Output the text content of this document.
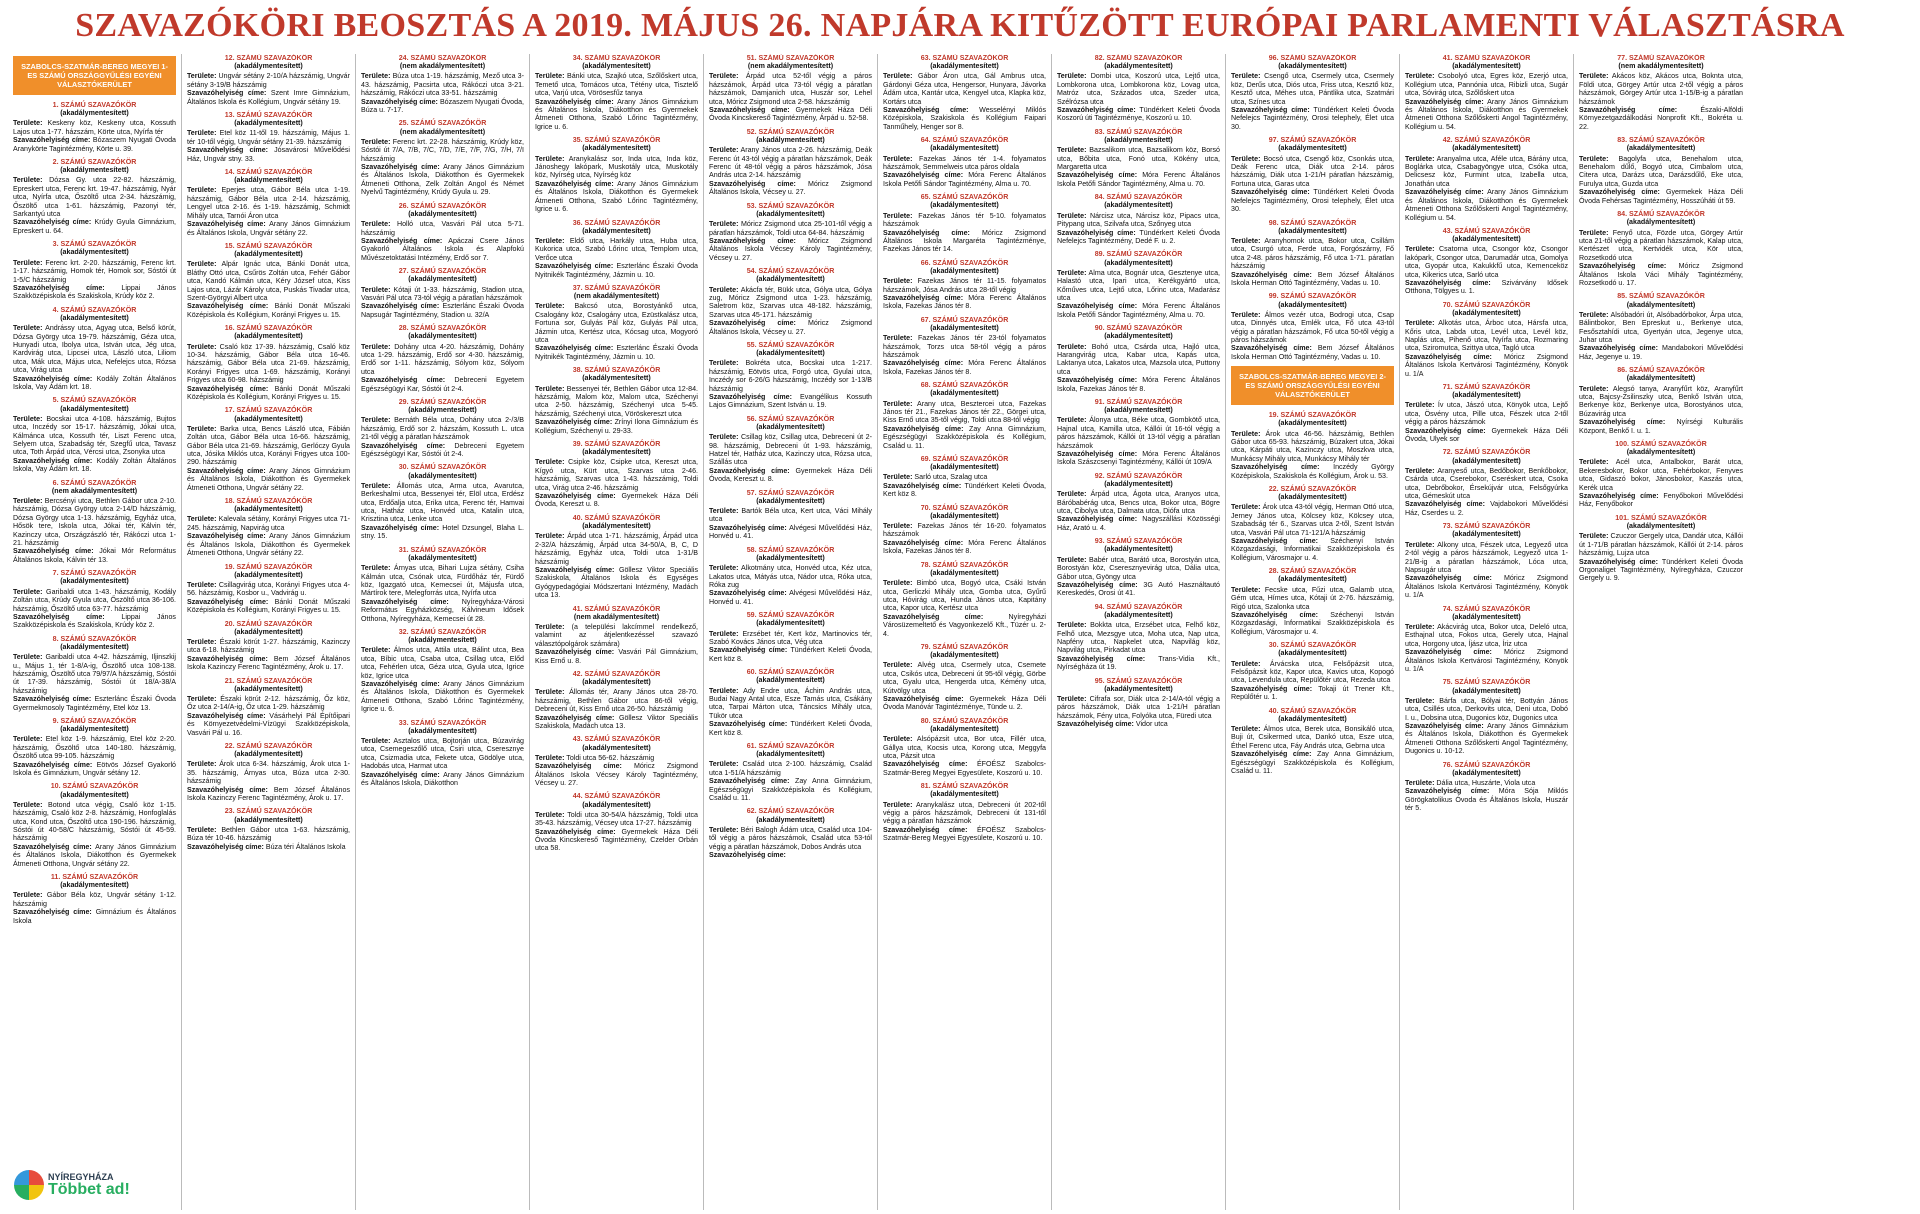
SZAVAZÓKÖRI BEOSZTÁS A 2019. MÁJUS 26. NAPJÁRA KITŰZÖTT EURÓPAI PARLAMENTI VÁLASZTÁSRA
SZABOLCS-SZATMÁR-BEREG MEGYEI 1-ES SZÁMÚ ORSZÁGGYŰLÉSI EGYÉNI VÁLASZTÓKERÜLET
1. SZÁMÚ SZAVAZÓKÖR
(akadálymentesített)
Területe: Keskeny köz, Keskeny utca, Kossuth Lajos utca 1-77. házszám, Körte utca, Nyírfa tér
Szavazóhelyiség címe: Bózaszem Nyugati Óvoda Aranykörte Tagintézmény, Körte u. 39.
2. SZÁMÚ SZAVAZÓKÖR
(akadálymentesített)
Területe: Dózsa Gy. utca 22-82. házszámig, Epreskert utca, Ferenc krt. 19-47. házszámig, Nyár utca, Nyírfa utca, Őszöltő utca 2-34. házszámig, Őszöltő utca 1-61. házszámig, Pazonyi tér, Sarkantyú utca
Szavazóhelyiség címe: Krúdy Gyula Gimnázium, Epreskert u. 64.
3. SZÁMÚ SZAVAZÓKÖR
(akadálymentesített)
Területe: Ferenc krt. 2-20. házszámig, Ferenc krt. 1-17. házszámig, Homok tér, Homok sor, Sóstói út 1-5/C házszámig
Szavazóhelyiség címe: Lippai János Szakközépiskola és Szakiskola, Krúdy köz 2.
4. SZÁMÚ SZAVAZÓKÖR
(akadálymentesített)
Területe: Andrássy utca, Agyag utca, Belső körút, Dózsa György utca 19-79. házszámig, Géza utca, Hunyadi utca, Ibolya utca, István utca, Jég utca, Kardvirág utca, Lipcsei utca, László utca, Liliom utca, Mák utca, Május utca, Nefelejcs utca, Rózsa utca, Virág utca
Szavazóhelyiség címe: Kodály Zoltán Általános Iskola, Vay Ádám krt. 18.
5. SZÁMÚ SZAVAZÓKÖR
(akadálymentesített)
Területe: Bocskai utca 4-108. házszámig, Bujtos utca, Inczédy sor 15-17. házszámig, Jókai utca, Kálmánca utca, Kossuth tér, Liszt Ferenc utca, Selyem utca, Szabadság tér, Szegfű utca, Tavasz utca, Toth Árpád utca, Vércsi utca, Zsonyka utca
Szavazóhelyiség címe: Kodály Zoltán Általános Iskola, Vay Ádám krt. 18.
6. SZÁMÚ SZAVAZÓKÖR
(nem akadálymentesített)
Területe: Bercsényi utca, Bethlen Gábor utca 2-10. házszámig, Dózsa György utca 2-14/D házszámig, Dózsa György utca 1-13. házszámig, Egyház utca, Hősök tere, Iskola utca, Jókai tér, Kálvin tér, Kazinczy utca, Országzászló tér, Rákóczi utca 1-21. házszámig
Szavazóhelyiség címe: Jókai Mór Református Általános Iskola, Kálvin tér 13.
7. SZÁMÚ SZAVAZÓKÖR
(akadálymentesített)
Területe: Garibaldi utca 1-43. házszámig, Kodály Zoltán utca, Krúdy Gyula utca, Őszöltő utca 36-106. házszámig, Őszöltő utca 63-77. házszámig
Szavazóhelyiség címe: Lippai János Szakközépiskola és Szakiskola, Krúdy köz 2.
8. SZÁMÚ SZAVAZÓKÖR
(akadálymentesített)
Területe: Garibaldi utca 4-42. házszámig, Iljinszkij u., Május 1. tér 1-8/A-ig, Őszöltő utca 108-138. házszámig, Őszöltő utca 79/97/A házszámig, Sóstói út 17-39. házszámig, Sóstói út 18/A-38/A házszámig
Szavazóhelyiség címe: Eszterlánc Északi Óvoda Gyermekmosoly Tagintézmény, Etel köz 13.
9. SZÁMÚ SZAVAZÓKÖR
(akadálymentesített)
Területe: Etel köz 1-9. házszámig, Etel köz 2-20. házszámig, Őszöltő utca 140-180. házszámig, Őszöltő utca 99-105. házszámig
Szavazóhelyiség címe: Eötvös József Gyakorló Iskola és Gimnázium, Ungvár sétány 12.
10. SZÁMÚ SZAVAZÓKÖR
(akadálymentesített)
Területe: Botond utca végig, Csaló köz 1-15. házszámig, Csaló köz 2-8. házszámig, Honfoglalás utca, Kond utca, Őszöltő utca 190-196. házszámig, Sóstói út 40-58/C házszámig, Sóstói út 45-59. házszámig
Szavazóhelyiség címe: Arany János Gimnázium és Általános Iskola, Diákotthon és Gyermekek Átmeneti Otthona, Ungvár sétány 22.
11. SZÁMÚ SZAVAZÓKÖR
(akadálymentesített)
Területe: Gábor Béla köz, Ungvár sétány 1-12. házszámig
Szavazóhelyiség címe: Gimnázium és Általános Iskola
12. SZÁMÚ SZAVAZÓKÖR
(akadálymentesített)
Területe: Ungvár sétány 2-10/A házszámig, Ungvár sétány 3-19/B házszámig
Szavazóhelyiség címe: Szent Imre Gimnázium, Általános Iskola és Kollégium, Ungvár sétány 19.
13. SZÁMÚ SZAVAZÓKÖR
(akadálymentesített)
Területe: Etel köz 11-től 19. házszámig, Május 1. tér 10-től végig, Ungvár sétány 21-39. házszámig
Szavazóhelyiség címe: Jósavárosi Művelődési Ház, Ungvár stny. 33.
14. SZÁMÚ SZAVAZÓKÖR
(akadálymentesített)
Területe: Eperjes utca, Gábor Béla utca 1-19. házszámig, Gábor Béla utca 2-14. házszámig, Lengyel utca 2-16. és 1-19. házszámig, Schmidt Mihály utca, Tarnói Áron utca
Szavazóhelyiség címe: Arany János Gimnázium és Általános Iskola, Ungvár sétány 22.
15. SZÁMÚ SZAVAZÓKÖR
(akadálymentesített)
Területe: Alpár Ignác utca, Bánki Donát utca, Bláthy Ottó utca, Csűrös Zoltán utca, Fehér Gábor utca, Kandó Kálmán utca, Kéry József utca, Kiss Lajos utca, Lázár Károly utca, Puskás Tivadar utca, Szent-Györgyi Albert utca
Szavazóhelyiség címe: Bánki Donát Műszaki Középiskola és Kollégium, Korányi Frigyes u. 15.
16. SZÁMÚ SZAVAZÓKÖR
(akadálymentesített)
Területe: Csaló köz 17-39. házszámig, Csaló köz 10-34. házszámig, Gábor Béla utca 16-46. házszámig, Gábor Béla utca 21-69. házszámig, Korányi Frigyes utca 1-69. házszámig, Korányi Frigyes utca 60-98. házszámig
Szavazóhelyiség címe: Bánki Donát Műszaki Középiskola és Kollégium, Korányi Frigyes u. 15.
17. SZÁMÚ SZAVAZÓKÖR
(akadálymentesített)
Területe: Barka utca, Bencs László utca, Fábián Zoltán utca, Gábor Béla utca 16-66. házszámig, Gábor Béla utca 21-69. házszámig, Gerlóczy Gyula utca, Jósika Miklós utca, Korányi Frigyes utca 100-290. házszámig
Szavazóhelyiség címe: Arany János Gimnázium és Általános Iskola, Diákotthon és Gyermekek Átmeneti Otthona, Ungvár sétány 22.
18. SZÁMÚ SZAVAZÓKÖR
(akadálymentesített)
Területe: Kalevala sétány, Korányi Frigyes utca 71-245. házszámig, Napvirág utca
Szavazóhelyiség címe: Arany János Gimnázium és Általános Iskola, Diákotthon és Gyermekek Átmeneti Otthona, Ungvár sétány 22.
19. SZÁMÚ SZAVAZÓKÖR
(akadálymentesített)
Területe: Csillagvirág utca, Korányi Frigyes utca 4-56. házszámig, Kosbor u., Vadvirág u.
Szavazóhelyiség címe: Bánki Donát Műszaki Középiskola és Kollégium, Korányi Frigyes u. 15.
20. SZÁMÚ SZAVAZÓKÖR
(akadálymentesített)
Területe: Északi körút 1-27. házszámig, Kazinczy utca 6-18. házszámig
Szavazóhelyiség címe: Bem József Általános Iskola Kazinczy Ferenc Tagintézmény, Árok u. 17.
21. SZÁMÚ SZAVAZÓKÖR
(akadálymentesített)
Területe: Északi körút 2-12. házszámig, Őz köz, Őz utca 2-14/A-ig, Őz utca 1-29. házszámig
Szavazóhelyiség címe: Vásárhelyi Pál Építőipari és Környezetvédelmi-Vízügyi Szakközépiskola, Vasvári Pál u. 16.
22. SZÁMÚ SZAVAZÓKÖR
(akadálymentesített)
Területe: Árok utca 6-34. házszámig, Árok utca 1-35. házszámig, Árnyas utca, Búza utca 2-30. házszámig
Szavazóhelyiség címe: Bem József Általános Iskola Kazinczy Ferenc Tagintézmény, Árok u. 17.
23. SZÁMÚ SZAVAZÓKÖR
(akadálymentesített)
Területe: Bethlen Gábor utca 1-63. házszámig, Búza tér 10-46. házszámig
Szavazóhelyiség címe: Búza téri Általános Iskola
24. SZÁMÚ SZAVAZÓKÖR
(nem akadálymentesített)
Területe: Búza utca 1-19. házszámig, Mező utca 3-43. házszámig, Pacsirta utca, Rákóczi utca 3-21. házszámig, Rákóczi utca 33-51. házszámig
Szavazóhelyiség címe: Bózaszem Nyugati Óvoda, Búza u. 7-17.
25. SZÁMÚ SZAVAZÓKÖR
(nem akadálymentesített)
Területe: Ferenc krt. 22-28. házszámig, Krúdy köz, Sóstói út 7/A, 7/B, 7/C, 7/D, 7/E, 7/F, 7/G, 7/H, 7/I házszámig
Szavazóhelyiség címe: Arany János Gimnázium és Általános Iskola, Diákotthon és Gyermekek Átmeneti Otthona, Zelk Zoltán Angol és Német Nyelvű Tagintézmény, Krúdy Gyula u. 29.
26. SZÁMÚ SZAVAZÓKÖR
(akadálymentesített)
Területe: Holló utca, Vasvári Pál utca 5-71. házszámig
Szavazóhelyiség címe: Apáczai Csere János Gyakorló Általános Iskola és Alapfokú Művészetoktatási Intézmény, Erdő sor 7.
27. SZÁMÚ SZAVAZÓKÖR
(akadálymentesített)
Területe: Kótaji út 1-33. házszámig, Stadion utca, Vasvári Pál utca 73-tól végig a páratlan házszámok
Szavazóhelyiség címe: Eszterlánc Északi Óvoda Napsugár Tagintézmény, Stadion u. 32/A
28. SZÁMÚ SZAVAZÓKÖR
(akadálymentesített)
Területe: Dohány utca 4-20. házszámig, Dohány utca 1-29. házszámig, Erdő sor 4-30. házszámig, Erdő sor 1-11. házszámig, Sólyom köz, Sólyom utca
Szavazóhelyiség címe: Debreceni Egyetem Egészségügyi Kar, Sóstói út 2-4.
29. SZÁMÚ SZAVAZÓKÖR
(akadálymentesített)
Területe: Bernáth Béla utca, Dohány utca 2-/3/B házszámig, Erdő sor 2. házszám, Kossuth L. utca 21-től végig a páratlan házszámok
Szavazóhelyiség címe: Debreceni Egyetem Egészségügyi Kar, Sóstói út 2-4.
30. SZÁMÚ SZAVAZÓKÖR
(akadálymentesített)
Területe: Állomás utca, Arma utca, Avarutca, Berkeshalmi utca, Bessenyei tér, Elöl utca, Erdész utca, Erdőalja utca, Erika utca, Ferenc tér, Hamvai utca, Hatház utca, Honvéd utca, Katalin utca, Krisztina utca, Lenke utca
Szavazóhelyiség címe: Hotel Dzsungel, Blaha L. stny. 15.
31. SZÁMÚ SZAVAZÓKÖR
(akadálymentesített)
Területe: Árnyas utca, Bihari Lujza sétány, Csiha Kálmán utca, Csónak utca, Fürdőház tér, Fürdő köz, Igazgató utca, Kemecsei út, Májusfa utca, Mártírok tere, Melegforrás utca, Nyírfa utca
Szavazóhelyiség címe: Nyíregyháza-Városi Református Egyházközség, Kálvineum Idősek Otthona, Nyíregyháza, Kemecsei út 28.
32. SZÁMÚ SZAVAZÓKÖR
(akadálymentesített)
Területe: Álmos utca, Attila utca, Bálint utca, Bea utca, Bíbic utca, Csaba utca, Csillag utca, Előd utca, Fehérlen utca, Géza utca, Gyula utca, Igrice köz, Igrice utca
Szavazóhelyiség címe: Arany János Gimnázium és Általános Iskola, Diákotthon és Gyermekek Átmeneti Otthona, Szabó Lőrinc Tagintézmény, Igrice u. 6.
33. SZÁMÚ SZAVAZÓKÖR
(akadálymentesített)
Területe: Asztalos utca, Bojtorján utca, Búzavirág utca, Csemegeszőlő utca, Csiri utca, Cseresznye utca, Csizmadia utca, Fekete utca, Gödölye utca, Hadobás utca, Harmat utca
Szavazóhelyiség címe: Arany János Gimnázium és Általános Iskola, Diákotthon
34. SZÁMÚ SZAVAZÓKÖR
(akadálymentesített)
Területe: Bánki utca, Szajkó utca, Szőlőskert utca, Temető utca, Tornácos utca, Tétény utca, Tisztelő utca, Varjú utca, Vörösesfűz tanya
Szavazóhelyiség címe: Arany János Gimnázium és Általános Iskola, Diákotthon és Gyermekek Átmeneti Otthona, Szabó Lőrinc Tagintézmény, Igrice u. 6.
35. SZÁMÚ SZAVAZÓKÖR
(akadálymentesített)
Területe: Aranykalász sor, Inda utca, Inda köz, Jánoshegy lakópark, Muskotály utca, Muskotály köz, Nyírség utca, Nyírség köz
Szavazóhelyiség címe: Arany János Gimnázium és Általános Iskola, Diákotthon és Gyermekek Átmeneti Otthona, Szabó Lőrinc Tagintézmény, Igrice u. 6.
36. SZÁMÚ SZAVAZÓKÖR
(akadálymentesített)
Területe: Eldő utca, Harkály utca, Huba utca, Kukorica utca, Szabó Lőrinc utca, Templom utca, Verőce utca
Szavazóhelyiség címe: Eszterlánc Északi Óvoda Nyitnikék Tagintézmény, Jázmin u. 10.
37. SZÁMÚ SZAVAZÓKÖR
(nem akadálymentesített)
Területe: Bakcsó utca, Borostyánkő utca, Csalogány köz, Csalogány utca, Ezüstkalász utca, Fortuna sor, Gulyás Pál köz, Gulyás Pál utca, Jázmin utca, Kertész utca, Kócsag utca, Mogyoró utca
Szavazóhelyiség címe: Eszterlánc Északi Óvoda Nyitnikék Tagintézmény, Jázmin u. 10.
38. SZÁMÚ SZAVAZÓKÖR
(akadálymentesített)
Területe: Bessenyei tér, Bethlen Gábor utca 12-84. házszámig, Malom köz, Malom utca, Széchenyi utca 2-50. házszámig, Széchenyi utca 5-45. házszámig, Széchenyi utca, Vöröskereszt utca
Szavazóhelyiség címe: Zrínyi Ilona Gimnázium és Kollégium, Széchenyi u. 29-33.
39. SZÁMÚ SZAVAZÓKÖR
(akadálymentesített)
Területe: Csipke köz, Csipke utca, Kereszt utca, Kígyó utca, Kürt utca, Szarvas utca 2-46. házszámig, Szarvas utca 1-43. házszámig, Toldi utca, Virág utca 2-46. házszámig
Szavazóhelyiség címe: Gyermekek Háza Déli Óvoda, Kereszt u. 8.
40. SZÁMÚ SZAVAZÓKÖR
(akadálymentesített)
Területe: Árpád utca 1-71. házszámig, Árpád utca 2-32/A házszámig, Árpád utca 34-50/A, B, C, D házszámig, Egyház utca, Toldi utca 1-31/B házszámig
Szavazóhelyiség címe: Göllesz Viktor Speciális Szakiskola, Általános Iskola és Egységes Gyógypedagógiai Módszertani Intézmény, Madách utca 13.
41. SZÁMÚ SZAVAZÓKÖR
(nem akadálymentesített)
Területe: (a települési lakcímmel rendelkező, valamint az átjelentkezéssel szavazó választópolgárok számára)
Szavazóhelyiség címe: Vasvári Pál Gimnázium, Kiss Ernő u. 8.
42. SZÁMÚ SZAVAZÓKÖR
(akadálymentesített)
Területe: Állomás tér, Arany János utca 28-70. házszámig, Bethlen Gábor utca 86-től végig, Debreceni út, Kiss Ernő utca 26-50. házszámig
Szavazóhelyiség címe: Göllesz Viktor Speciális Szakiskola, Madách utca 13.
43. SZÁMÚ SZAVAZÓKÖR
(akadálymentesített)
Területe: Toldi utca 56-62. házszámig
Szavazóhelyiség címe: Móricz Zsigmond Általános Iskola Vécsey Károly Tagintézmény, Vécsey u. 27.
44. SZÁMÚ SZAVAZÓKÖR
(akadálymentesített)
Területe: Toldi utca 30-54/A házszámig, Toldi utca 35-43. házszámig, Vécsey utca 17-27. házszámig
Szavazóhelyiség címe: Gyermekek Háza Déli Óvoda Kincskereső Tagintézmény, Czelder Orbán utca 58.
51. SZÁMÚ SZAVAZÓKÖR
(nem akadálymentesített)
Területe: Árpád utca 52-től végig a páros házszámok, Árpád utca 73-tól végig a páratlan házszámok, Damjanich utca, Huszár sor, Lehel utca, Móricz Zsigmond utca 2-58. házszámig
Szavazóhelyiség címe: Gyermekek Háza Déli Óvoda Kincskereső Tagintézmény, Árpád u. 52-58.
52. SZÁMÚ SZAVAZÓKÖR
(akadálymentesített)
Területe: Arany János utca 2-26. házszámig, Deák Ferenc út 43-tól végig a páratlan házszámok, Deák Ferenc út 48-tól végig a páros házszámok, Jósa András utca 2-14. házszámig
Szavazóhelyiség címe: Móricz Zsigmond Általános Iskola, Vécsey u. 27.
53. SZÁMÚ SZAVAZÓKÖR
(akadálymentesített)
Területe: Móricz Zsigmond utca 25-101-től végig a páratlan házszámok, Toldi utca 64-84. házszámig
Szavazóhelyiség címe: Móricz Zsigmond Általános Iskola Vécsey Károly Tagintézmény, Vécsey u. 27.
54. SZÁMÚ SZAVAZÓKÖR
(akadálymentesített)
Területe: Akácfa tér, Bükk utca, Gólya utca, Gólya zug, Móricz Zsigmond utca 1-23. házszámig, Saletrom köz, Szarvas utca 48-182. házszámig, Szarvas utca 45-171. házszámig
Szavazóhelyiség címe: Móricz Zsigmond Általános Iskola, Vécsey u. 27.
55. SZÁMÚ SZAVAZÓKÖR
(akadálymentesített)
Területe: Bokréta utca, Bocskai utca 1-217. házszámig, Eötvös utca, Forgó utca, Gyulai utca, Inczédy sor 6-26/G házszámig, Inczédy sor 1-13/B házszámig
Szavazóhelyiség címe: Evangélikus Kossuth Lajos Gimnázium, Szent István u. 19.
56. SZÁMÚ SZAVAZÓKÖR
(akadálymentesített)
Területe: Csillag köz, Csillag utca, Debreceni út 2-98. házszámig, Debreceni út 1-93. házszámig, Hatzel tér, Hatház utca, Kazinczy utca, Rózsa utca, Szállás utca
Szavazóhelyiség címe: Gyermekek Háza Déli Óvoda, Kereszt u. 8.
57. SZÁMÚ SZAVAZÓKÖR
(akadálymentesített)
Területe: Bartók Béla utca, Kert utca, Váci Mihály utca
Szavazóhelyiség címe: Alvégesi Művelődési Ház, Honvéd u. 41.
58. SZÁMÚ SZAVAZÓKÖR
(akadálymentesített)
Területe: Alkotmány utca, Honvéd utca, Kéz utca, Lakatos utca, Mátyás utca, Nádor utca, Róka utca, Róka zug
Szavazóhelyiség címe: Alvégesi Művelődési Ház, Honvéd u. 41.
59. SZÁMÚ SZAVAZÓKÖR
(akadálymentesített)
Területe: Erzsébet tér, Kert köz, Martinovics tér, Szabó Kovács János utca, Vég utca
Szavazóhelyiség címe: Tündérkert Keleti Óvoda, Kert köz 8.
60. SZÁMÚ SZAVAZÓKÖR
(akadálymentesített)
Területe: Ady Endre utca, Áchim András utca, Budai Nagy Antal utca, Esze Tamás utca, Csákány utca, Tarpai Márton utca, Táncsics Mihály utca, Tükör utca
Szavazóhelyiség címe: Tündérkert Keleti Óvoda, Kert köz 8.
61. SZÁMÚ SZAVAZÓKÖR
(akadálymentesített)
Területe: Család utca 2-100. házszámig, Család utca 1-51/A házszámig
Szavazóhelyiség címe: Zay Anna Gimnázium, Egészségügyi Szakközépiskola és Kollégium, Család u. 11.
62. SZÁMÚ SZAVAZÓKÖR
(akadálymentesített)
Területe: Béri Balogh Ádám utca, Család utca 104-től végig a páros házszámok, Család utca 53-tól végig a páratlan házszámok, Dobos András utca
Szavazóhelyiség címe:
63. SZÁMÚ SZAVAZÓKÖR
(akadálymentesített)
Területe: Gábor Áron utca, Gál Ambrus utca, Gárdonyi Géza utca, Hengersor, Hunyara, Jávorka Ádám utca, Kantár utca, Kengyel utca, Klapka köz, Kortárs utca
Szavazóhelyiség címe: Wesselényi Miklós Középiskola, Szakiskola és Kollégium Faipari Tanműhely, Henger sor 8.
64. SZÁMÚ SZAVAZÓKÖR
(akadálymentesített)
Területe: Fazekas János tér 1-4. folyamatos házszámok, Semmelweis utca páros oldala
Szavazóhelyiség címe: Móra Ferenc Általános Iskola Petőfi Sándor Tagintézmény, Alma u. 70.
65. SZÁMÚ SZAVAZÓKÖR
(akadálymentesített)
Területe: Fazekas János tér 5-10. folyamatos házszámok
Szavazóhelyiség címe: Móricz Zsigmond Általános Iskola Margaréta Tagintézménye, Fazekas János tér 14.
66. SZÁMÚ SZAVAZÓKÖR
(akadálymentesített)
Területe: Fazekas János tér 11-15. folyamatos házszámok, Jósa András utca 28-től végig
Szavazóhelyiség címe: Móra Ferenc Általános Iskola, Fazekas János tér 8.
67. SZÁMÚ SZAVAZÓKÖR
(akadálymentesített)
Területe: Fazekas János tér 23-tól folyamatos házszámok, Torzs utca 58-tól végig a páros házszámok
Szavazóhelyiség címe: Móra Ferenc Általános Iskola, Fazekas János tér 8.
68. SZÁMÚ SZAVAZÓKÖR
(akadálymentesített)
Területe: Arany utca, Besztercei utca, Fazekas János tér 21., Fazekas János tér 22., Görgei utca, Kiss Ernő utca 35-től végig, Toldi utca 88-tól végig
Szavazóhelyiség címe: Zay Anna Gimnázium, Egészségügyi Szakközépiskola és Kollégium, Család u. 11.
69. SZÁMÚ SZAVAZÓKÖR
(akadálymentesített)
Területe: Sarló utca, Szalag utca
Szavazóhelyiség címe: Tündérkert Keleti Óvoda, Kert köz 8.
70. SZÁMÚ SZAVAZÓKÖR
(akadálymentesített)
Területe: Fazekas János tér 16-20. folyamatos házszámok
Szavazóhelyiség címe: Móra Ferenc Általános Iskola, Fazekas János tér 8.
78. SZÁMÚ SZAVAZÓKÖR
(akadálymentesített)
Területe: Bimbó utca, Bogyó utca, Csáki István utca, Gerliczki Mihály utca, Gomba utca, Gyűrű utca, Hóvirág utca, Hunda János utca, Kapitány utca, Kapor utca, Kertész utca
Szavazóhelyiség címe:	Nyíregyházi Városüzemeltető és Vagyonkezelő Kft., Tüzér u. 2-4.
79. SZÁMÚ SZAVAZÓKÖR
(akadálymentesített)
Területe: Alvég utca, Csermely utca, Csemete utca, Csikós utca, Debreceni út 95-től végig, Görbe utca, Gyalu utca, Hengerda utca, Kémény utca, Kútvölgy utca
Szavazóhelyiség címe: Gyermekek Háza Déli Óvoda Manóvár Tagintézménye, Tünde u. 2.
80. SZÁMÚ SZAVAZÓKÖR
(akadálymentesített)
Területe: Alsópázsit utca, Bor utca, Fillér utca, Gállya utca, Kocsis utca, Korong utca, Meggyfa utca, Pázsit utca
Szavazóhelyiség címe: ÉFOÉSZ Szabolcs-Szatmár-Bereg Megyei Egyesülete, Koszorú u. 10.
81. SZÁMÚ SZAVAZÓKÖR
(akadálymentesített)
Területe: Aranykalász utca, Debreceni út 202-től végig a páros házszámok, Debreceni út 131-től végig a páratlan házszámok
Szavazóhelyiség címe: ÉFOÉSZ Szabolcs-Szatmár-Bereg Megyei Egyesülete, Koszorú u. 10.
82. SZÁMÚ SZAVAZÓKÖR
(akadálymentesített)
Területe: Dombi utca, Koszorú utca, Lejtő utca, Lombkorona utca, Lombkorona köz, Lovag utca, Matróz utca, Százados utca, Szeder utca, Szélrózsa utca
Szavazóhelyiség címe: Tündérkert Keleti Óvoda Koszorú úti Tagintézménye, Koszorú u. 10.
83. SZÁMÚ SZAVAZÓKÖR
(akadálymentesített)
Területe: Bazsalikom utca, Bazsalikom köz, Borsó utca, Bőbita utca, Fonó utca, Kökény utca, Margaretta utca
Szavazóhelyiség címe: Móra Ferenc Általános Iskola Petőfi Sándor Tagintézmény, Alma u. 70.
84. SZÁMÚ SZAVAZÓKÖR
(akadálymentesített)
Területe: Nárcisz utca, Nárcisz köz, Pipacs utca, Pitypang utca, Szilvafa utca, Szőnyeg utca
Szavazóhelyiség címe: Tündérkert Keleti Óvoda Nefelejcs Tagintézmény, Dedé F. u. 2.
89. SZÁMÚ SZAVAZÓKÖR
(akadálymentesített)
Területe: Alma utca, Bognár utca, Gesztenye utca, Halastó utca, Ipari utca, Kerékgyártó utca, Kőműves utca, Lejtő utca, Lőrinc utca, Madarász utca
Szavazóhelyiség címe: Móra Ferenc Általános Iskola Petőfi Sándor Tagintézmény, Alma u. 70.
90. SZÁMÚ SZAVAZÓKÖR
(akadálymentesített)
Területe: Bohó utca, Csárda utca, Hajló utca, Harangvirág utca, Kabar utca, Kapás utca, Laktanya utca, Lakatos utca, Mazsola utca, Puttony utca
Szavazóhelyiség címe: Móra Ferenc Általános Iskola, Fazekas János tér 8.
91. SZÁMÚ SZAVAZÓKÖR
(akadálymentesített)
Területe: Álonya utca, Béke utca, Gombkötő utca, Hajnal utca, Kamilla utca, Kállói út 16-tól végig a páros házszámok, Kállói út 13-tól végig a páratlan házszámok
Szavazóhelyiség címe: Móra Ferenc Általános Iskola Szászcsenyi Tagintézmény, Kállói út 109/A
92. SZÁMÚ SZAVAZÓKÖR
(akadálymentesített)
Területe: Árpád utca, Ágota utca, Aranyos utca, Báróbabérág utca, Bencs utca, Bokor utca, Bögre utca, Cibolya utca, Dalmata utca, Diófa utca
Szavazóhelyiség címe: Nagyszállási Közösségi Ház, Arató u. 4.
93. SZÁMÚ SZAVAZÓKÖR
(akadálymentesített)
Területe: Babér utca, Barátó utca, Borostyán utca, Borostyán köz, Cseresznyevirág utca, Dália utca, Gábor utca, Gyöngy utca
Szavazóhelyiség címe: 3G Autó Használtautó Kereskedés, Orosi út 41.
94. SZÁMÚ SZAVAZÓKÖR
(akadálymentesített)
Területe: Bokkta utca, Erzsébet utca, Felhő köz, Felhő utca, Mezsgye utca, Moha utca, Nap utca, Napfény utca, Napkelet utca, Napvilág köz, Napvilág utca, Pirkadat utca
Szavazóhelyiség címe: Trans-Vidia Kft., Nyírségháza út 19.
95. SZÁMÚ SZAVAZÓKÖR
(akadálymentesített)
Területe: Cifrafa sor, Diák utca 2-14/A-tól végig a páros házszámok, Diák utca 1-21/H páratlan házszámok, Fény utca, Folyóka utca, Füredi utca
Szavazóhelyiség címe: Vidor utca
96. SZÁMÚ SZAVAZÓKÖR
(akadálymentesített)
Területe: Csengő utca, Csermely utca, Csermely köz, Derűs utca, Diós utca, Friss utca, Kesztő köz, Kesztő utca, Méhes utca, Pántlika utca, Szatmári utca, Színes utca
Szavazóhelyiség címe: Tündérkert Keleti Óvoda Nefelejcs Tagintézmény, Orosi telephely, Élet utca 30.
97. SZÁMÚ SZAVAZÓKÖR
(akadálymentesített)
Területe: Bocsó utca, Csengő köz, Csonkás utca, Deák Ferenc utca, Diák utca 2-14. páros házszámig, Diák utca 1-21/H páratlan házszámig, Fortuna utca, Garas utca
Szavazóhelyiség címe: Tündérkert Keleti Óvoda Nefelejcs Tagintézmény, Orosi telephely, Élet utca 30.
98. SZÁMÚ SZAVAZÓKÖR
(akadálymentesített)
Területe: Aranyhomok utca, Bokor utca, Csillám utca, Csurgó utca, Ferde utca, Forgószárny, Fő utca 2-48. páros házszámig, Fő utca 1-71. páratlan házszámig
Szavazóhelyiség címe: Bem József Általános Iskola Herman Ottó Tagintézmény, Vadas u. 10.
99. SZÁMÚ SZAVAZÓKÖR
(akadálymentesített)
Területe: Álmos vezér utca, Bodrogi utca, Csap utca, Dinnyés utca, Emlék utca, Fő utca 43-tól végig a páratlan házszámok, Fő utca 50-től végig a páros házszámok
Szavazóhelyiség címe: Bem József Általános Iskola Herman Ottó Tagintézmény, Vadas u. 10.
SZABOLCS-SZATMÁR-BEREG MEGYEI 2-ES SZÁMÚ ORSZÁGGYŰLÉSI EGYÉNI VÁLASZTÓKERÜLET
19. SZÁMÚ SZAVAZÓKÖR
(akadálymentesített)
Területe: Árok utca 46-56. házszámig, Bethlen Gábor utca 65-93. házszámig, Búzakert utca, Jókai utca, Kárpáti utca, Kazinczy utca, Moszkva utca, Munkácsy Mihály utca, Munkácsy Mihály tér
Szavazóhelyiség címe: Inczédy György Középiskola, Szakiskola és Kollégium, Árok u. 53.
22. SZÁMÚ SZAVAZÓKÖR
(akadálymentesített)
Területe: Árok utca 43-tól végig, Herman Ottó utca, Jerney János utca, Kölcsey köz, Kölcsey utca, Szabadság tér 6., Szarvas utca 2-től, Szent István utca, Vasvári Pál utca 71-121/A házszámig
Szavazóhelyiség címe: Széchenyi István Közgazdasági, Informatikai Szakközépiskola és Kollégium, Városmajor u. 4.
28. SZÁMÚ SZAVAZÓKÖR
(akadálymentesített)
Területe: Fecske utca, Fűzi utca, Galamb utca, Gém utca, Hímes utca, Kótaji út 2-76. házszámig, Rigó utca, Szalonka utca
Szavazóhelyiség címe: Széchenyi István Közgazdasági, Informatikai Szakközépiskola és Kollégium, Városmajor u. 4.
30. SZÁMÚ SZAVAZÓKÖR
(akadálymentesített)
Területe: Árvácska utca, Felsőpázsit utca, Felsőpázsit köz, Kapor utca, Kavics utca, Kopogó utca, Levendula utca, Repülőtér utca, Rezeda utca
Szavazóhelyiség címe: Tokaji út Trener Kft., Repülőtér u. 1.
40. SZÁMÚ SZAVAZÓKÖR
(akadálymentesített)
Területe: Álmos utca, Berek utca, Bonsikáló utca, Buji út, Csikermed utca, Dankó utca, Esze utca, Éthel Ferenc utca, Fáy András utca, Gebrna utca
Szavazóhelyiség címe: Zay Anna Gimnázium, Egészségügyi Szakközépiskola és Kollégium, Család u. 11.
41. SZÁMÚ SZAVAZÓKÖR
(akadálymentesített)
Területe: Csobolyó utca, Egres köz, Ezerjó utca, Kollégium utca, Pannónia utca, Ribizli utca, Sugár utca, Sóvirág utca, Szőlőskert utca
Szavazóhelyiség címe: Arany János Gimnázium és Általános Iskola, Diákotthon és Gyermekek Átmeneti Otthona Szőlőskerti Angol Tagintézmény, Kollégium u. 54.
42. SZÁMÚ SZAVAZÓKÖR
(akadálymentesített)
Területe: Aranyalma utca, Aféle utca, Bárány utca, Boglárka utca, Csabagyöngye utca, Csóka utca, Delicsesz köz, Furmint utca, Izabella utca, Jonathán utca
Szavazóhelyiség címe: Arany János Gimnázium és Általános Iskola, Diákotthon és Gyermekek Átmeneti Otthona Szőlőskerti Angol Tagintézmény, Kollégium u. 54.
43. SZÁMÚ SZAVAZÓKÖR
(akadálymentesített)
Területe: Csatorna utca, Csongor köz, Csongor lakópark, Csongor utca, Darumadár utca, Gomolya utca, Gyopár utca, Kakukkfű utca, Kemenceköz utca, Kikerics utca, Sarló utca
Szavazóhelyiség címe: Szivárvány Idősek Otthona, Tölgyes u. 1.
70. SZÁMÚ SZAVAZÓKÖR
(akadálymentesített)
Területe: Alkotás utca, Árboc utca, Hársfa utca, Kőris utca, Labda utca, Levél utca, Levél köz, Naplás utca, Pihenő utca, Nyírfa utca, Rozmaring utca, Sziromutca, Szittya utca, Tagló utca
Szavazóhelyiség címe: Móricz Zsigmond Általános Iskola Kertvárosi Tagintézmény, Könyök u. 1/A
71. SZÁMÚ SZAVAZÓKÖR
(akadálymentesített)
Területe: Ív utca, Jászó utca, Könyök utca, Lejtő utca, Ösvény utca, Pille utca, Fészek utca 2-től végig a páros házszámok
Szavazóhelyiség címe: Gyermekek Háza Déli Óvoda, Ulyek sor
72. SZÁMÚ SZAVAZÓKÖR
(akadálymentesített)
Területe: Aranyeső utca, Bedőbokor, Benkőbokor, Csárda utca, Cserebokor, Cseréskert utca, Csoka utca, Debrőbokor, Érsekújvár utca, Felsőgyúrka utca, Gémeskút utca
Szavazóhelyiség címe: Vajdabokori Művelődési Ház, Cserdes u. 2.
73. SZÁMÚ SZAVAZÓKÖR
(akadálymentesített)
Területe: Alkony utca, Fészek utca, Legyező utca 2-tól végig a páros házszámok, Legyező utca 1-21/B-ig a páratlan házszámok, Lóca utca, Napsugár utca
Szavazóhelyiség címe: Móricz Zsigmond Általános Iskola Kertvárosi Tagintézmény, Könyök u. 1/A
74. SZÁMÚ SZAVAZÓKÖR
(akadálymentesített)
Területe: Akácvirág utca, Bokor utca, Deleló utca, Esthajnal utca, Fokos utca, Gerely utca, Hajnal utca, Horgony utca, Íjász utca, Íriz utca
Szavazóhelyiség címe: Móricz Zsigmond Általános Iskola Kertvárosi Tagintézmény, Könyök u. 1/A
75. SZÁMÚ SZAVAZÓKÖR
(akadálymentesített)
Területe: Bárfa utca, Bólyai tér, Bottyán János utca, Csillés utca, Derkovits utca, Deni utca, Dobó I. u., Dobsina utca, Dugonics köz, Dugonics utca
Szavazóhelyiség címe: Arany János Gimnázium és Általános Iskola, Diákotthon és Gyermekek Átmeneti Otthona Szőlőskerti Angol Tagintézmény, Dugonics u. 10-12.
76. SZÁMÚ SZAVAZÓKÖR
(akadálymentesített)
Területe: Dália utca, Huszárte, Viola utca
Szavazóhelyiség címe: Móra Sója Miklós Görögkatolikus Óvoda és Általános Iskola, Huszár tér 5.
77. SZÁMÚ SZAVAZÓKÖR
(nem akadálymentesített)
Területe: Akácos köz, Akácos utca, Boknta utca, Földi utca, Görgey Artúr utca 2-től végig a páros házszámok, Görgey Artúr utca 1-15/B-ig a páratlan házszámok
Szavazóhelyiség címe:	Északi-Alföldi Környezetgazdálkodási Nonprofit Kft., Bokréta u. 22.
83. SZÁMÚ SZAVAZÓKÖR
(akadálymentesített)
Területe: Bagolyfa utca, Benehalom utca, Benehalom dűlő, Bogyó utca, Cimbalom utca, Citera utca, Darázs utca, Darázsdűlő, Eke utca, Furulya utca, Guzda utca
Szavazóhelyiség címe: Gyermekek Háza Déli Óvoda Fehérsas Tagintézmény, Hosszúháti út 59.
84. SZÁMÚ SZAVAZÓKÖR
(akadálymentesített)
Területe: Fenyő utca, Fözde utca, Görgey Artúr utca 21-től végig a páratlan házszámok, Kalap utca, Kertészet utca, Kertvidék utca, Kör utca, Rozsetkodó utca
Szavazóhelyiség címe: Móricz Zsigmond Általános Iskola Váci Mihály Tagintézmény, Rozsetkodó u. 17.
85. SZÁMÚ SZAVAZÓKÖR
(akadálymentesített)
Területe: Alsóbadóri út, Alsóbadórbokor, Árpa utca, Bálintbokor, Ben Epreskut u., Berkenye utca, Fesősztahídi utca, Gyertyán utca, Jegenye utca, Juhar utca
Szavazóhelyiség címe: Mandabokori Művelődési Ház, Jegenye u. 19.
86. SZÁMÚ SZAVAZÓKÖR
(akadálymentesített)
Területe: Alegsó tanya, Aranyfűrt köz, Aranyfűrt utca, Bajcsy-Zsilinszky utca, Benkő István utca, Berkenye köz, Berkenye utca, Borostyános utca, Búzavirág utca
Szavazóhelyiség címe: Nyírségi Kulturális Központ, Benkő I. u. 1.
100. SZÁMÚ SZAVAZÓKÖR
(akadálymentesített)
Területe: Acél utca, Antalbokor, Barát utca, Bekeresbokor, Bokor utca, Fehérbokor, Fenyves utca, Gidaszó bokor, Jánosbokor, Kaszás utca, Kerék utca
Szavazóhelyiség címe: Fenyőbokori Művelődési Ház, Fenyőbokor
101. SZÁMÚ SZAVAZÓKÖR
(akadálymentesített)
Területe: Czuczor Gergely utca, Dandár utca, Kállói út 1-71/B páratlan házszámok, Kállói út 2-14. páros házszámig, Lujza utca
Szavazóhelyiség címe: Tündérkert Keleti Óvoda Orgonaliget Tagintézmény, Nyíregyháza, Czuczor Gergely u. 9.
NYÍREGYHÁZA
Többet ad!
